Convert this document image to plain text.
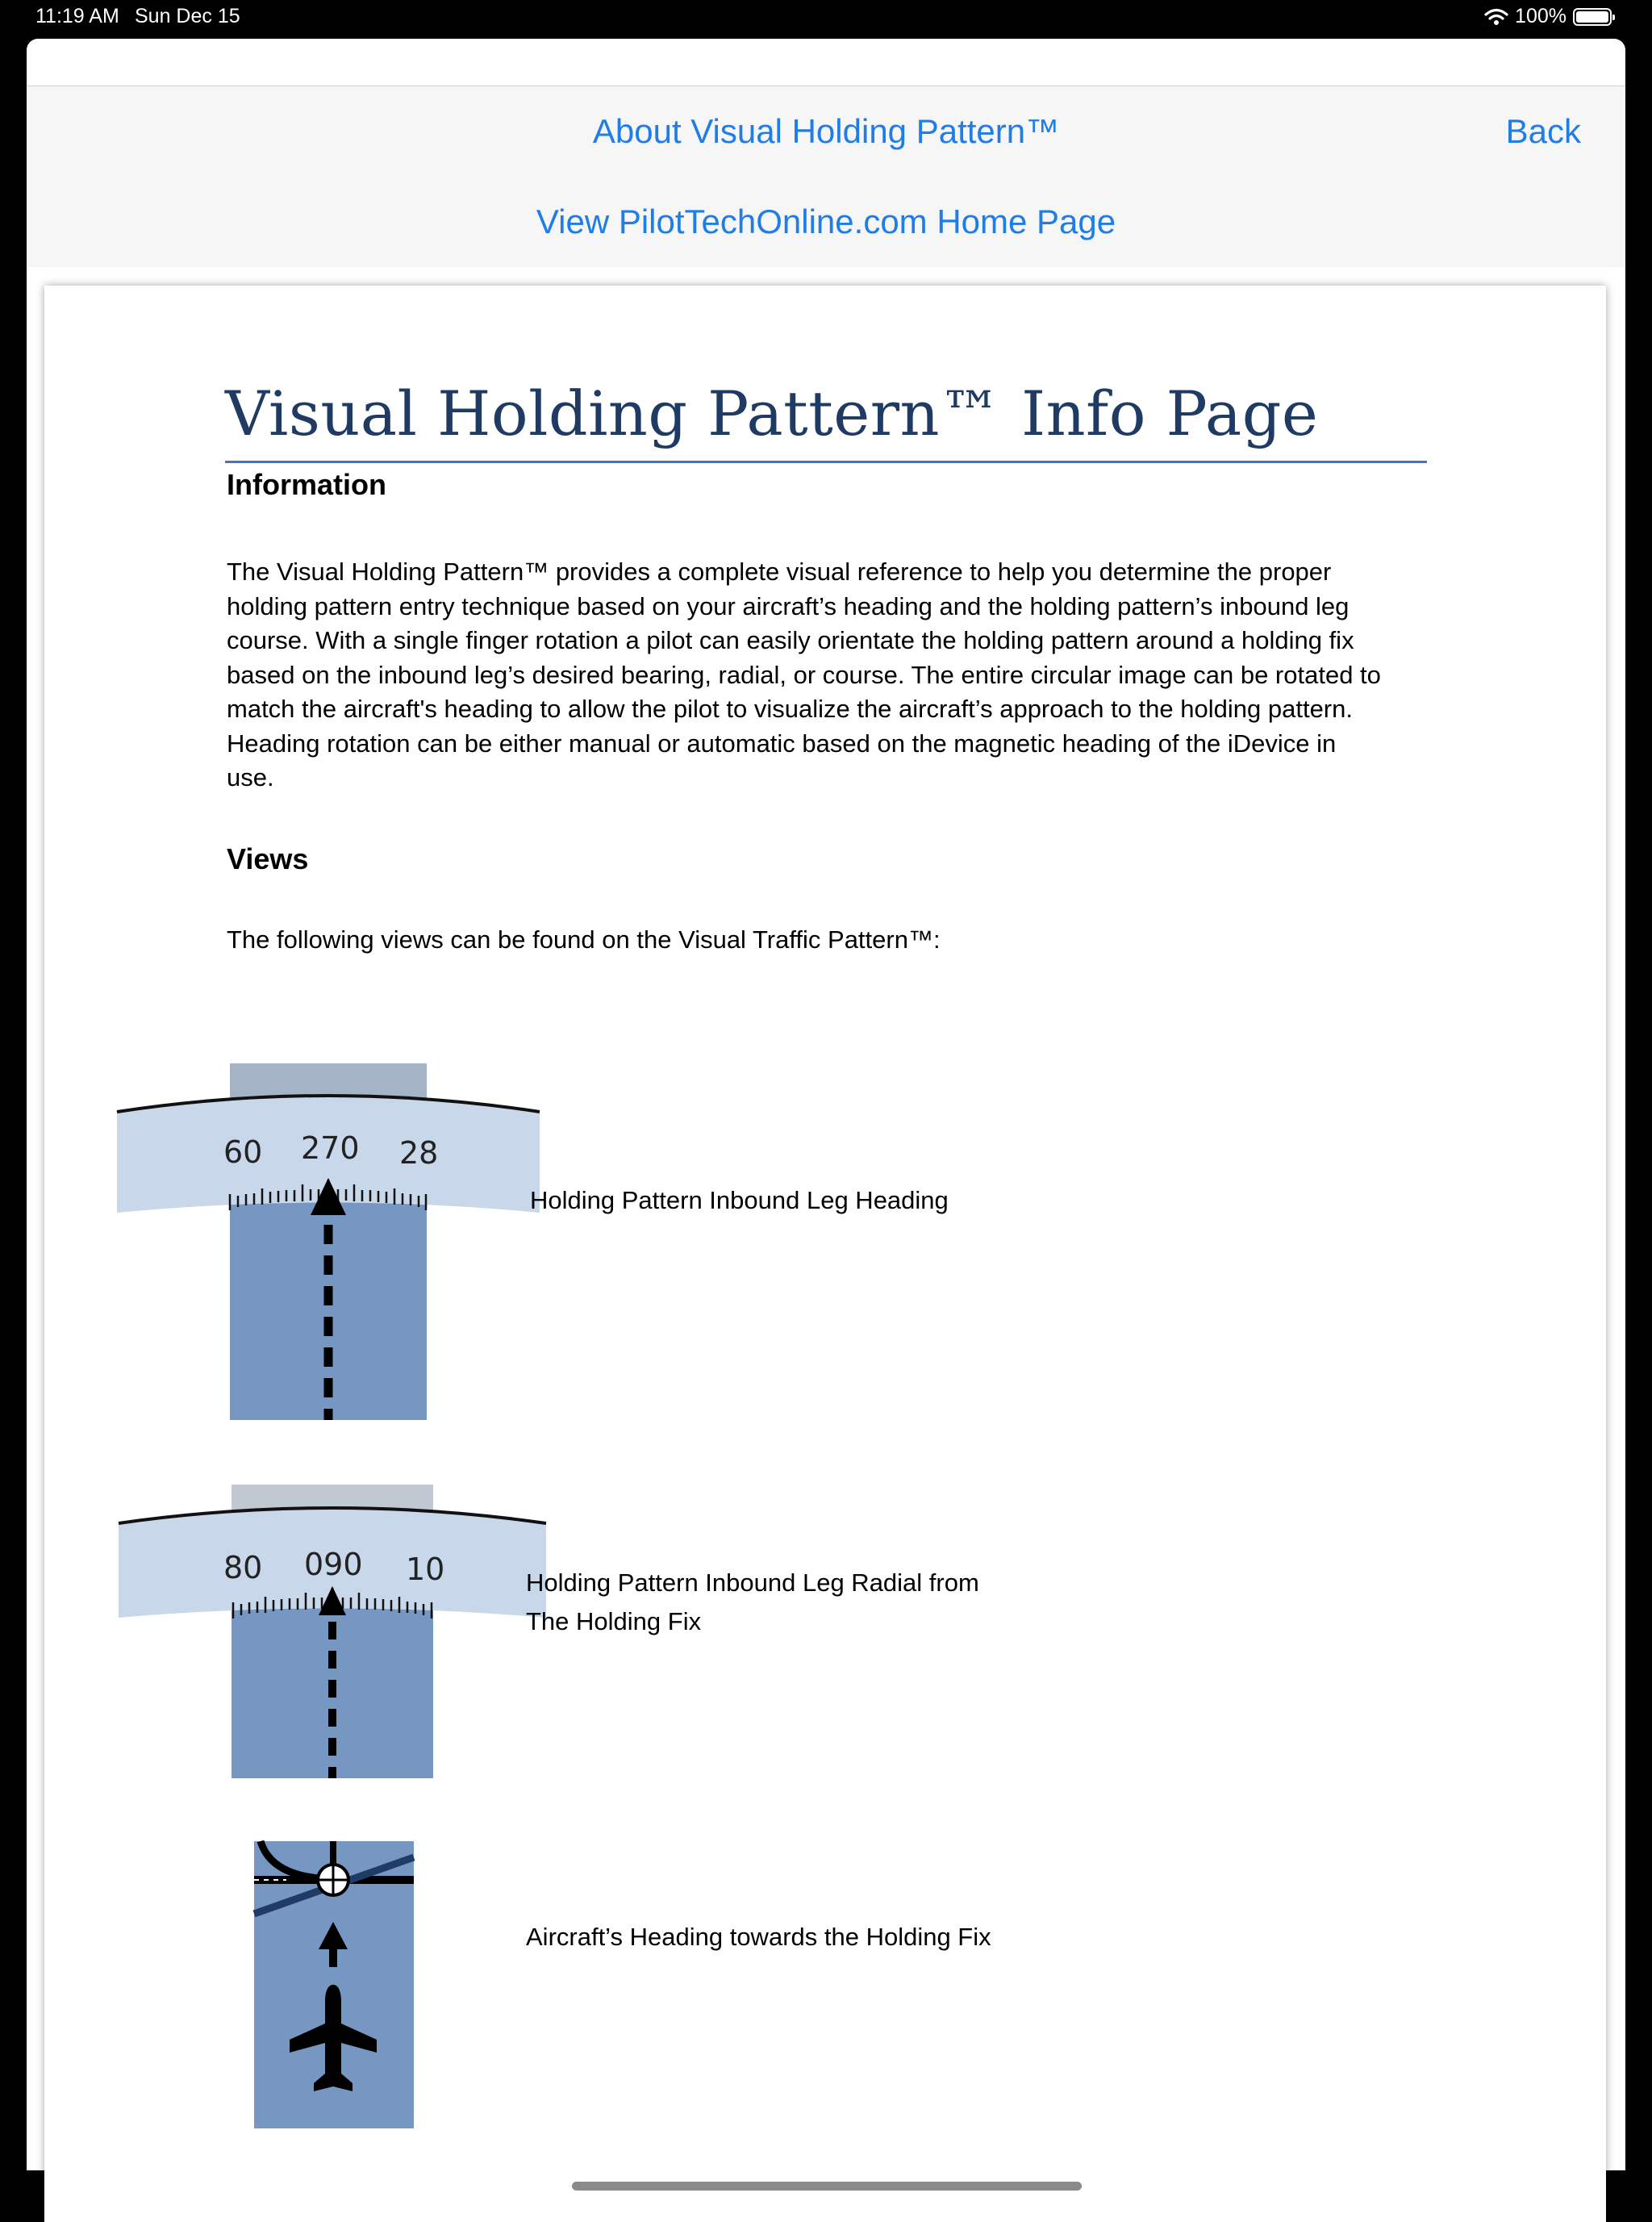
11:19 AM Sun Dec 15	100%
About Visual Holding Pattern™	Back
View PilotTechOnline.com Home Page
Visual Holding Pattern™ Info Page
Information
The Visual Holding Pattern™ provides a complete visual reference to help you determine the proper
holding pattern entry technique based on your aircraft’s heading and the holding pattern’s inbound leg
course. With a single finger rotation a pilot can easily orientate the holding pattern around a holding fix
based on the inbound leg’s desired bearing, radial, or course. The entire circular image can be rotated to
match the aircraft's heading to allow the pilot to visualize the aircraft’s approach to the holding pattern.
Heading rotation can be either manual or automatic based on the magnetic heading of the iDevice in
use.
Views
The following views can be found on the Visual Traffic Pattern™:
60 270 28
Holding Pattern Inbound Leg Heading
80 090 10	Holding Pattern Inbound Leg Radial from
The Holding Fix
Aircraft’s Heading towards the Holding Fix
